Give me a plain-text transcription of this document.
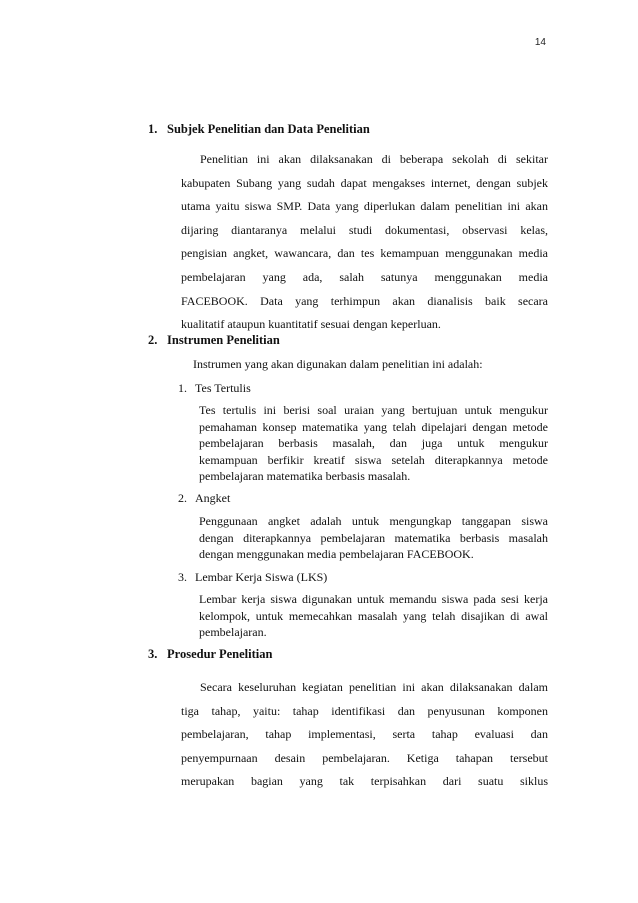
14
1. Subjek Penelitian dan Data Penelitian
Penelitian ini akan dilaksanakan di beberapa sekolah di sekitar
kabupaten Subang yang sudah dapat mengakses internet, dengan subjek
utama yaitu siswa SMP. Data yang diperlukan dalam penelitian ini akan
dijaring diantaranya melalui studi dokumentasi, observasi kelas,
pengisian angket, wawancara, dan tes kemampuan menggunakan media
pembelajaran yang ada, salah satunya menggunakan media
FACEBOOK. Data yang terhimpun akan dianalisis baik secara
kualitatif ataupun kuantitatif sesuai dengan keperluan.
2. Instrumen Penelitian
Instrumen yang akan digunakan dalam penelitian ini adalah:
1. Tes Tertulis
Tes tertulis ini berisi soal uraian yang bertujuan untuk mengukur
pemahaman konsep matematika yang telah dipelajari dengan metode
pembelajaran berbasis masalah, dan juga untuk mengukur
kemampuan berfikir kreatif siswa setelah diterapkannya metode
pembelajaran matematika berbasis masalah.
2. Angket
Penggunaan angket adalah untuk mengungkap tanggapan siswa
dengan diterapkannya pembelajaran matematika berbasis masalah
dengan menggunakan media pembelajaran FACEBOOK.
3. Lembar Kerja Siswa (LKS)
Lembar kerja siswa digunakan untuk memandu siswa pada sesi kerja
kelompok, untuk memecahkan masalah yang telah disajikan di awal
pembelajaran.
3. Prosedur Penelitian
Secara keseluruhan kegiatan penelitian ini akan dilaksanakan dalam
tiga tahap, yaitu: tahap identifikasi dan penyusunan komponen
pembelajaran, tahap implementasi, serta tahap evaluasi dan
penyempurnaan desain pembelajaran. Ketiga tahapan tersebut
merupakan bagian yang tak terpisahkan dari suatu siklus
